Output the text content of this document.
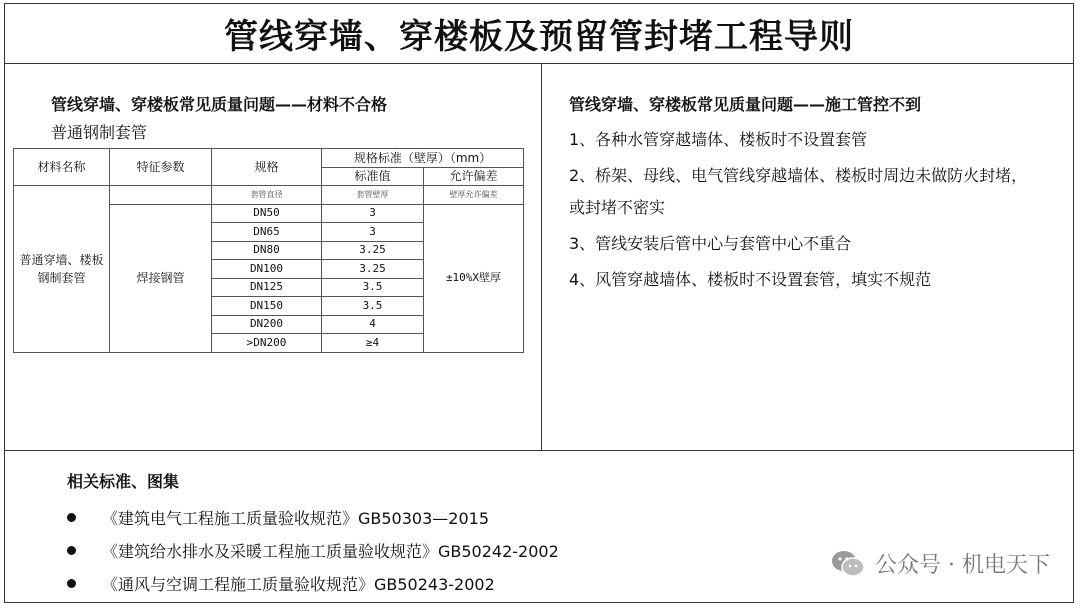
管线穿墙、穿楼板及预留管封堵工程导则
管线穿墙、穿楼板常见质量问题——材料不合格
普通钢制套管
材料名称	特征参数	规格	规格标准（壁厚）（mm）	
			标准值	允许偏差
普通穿墙、楼板钢制套管		套管直径	套管壁厚	壁厚允许偏差
	焊接钢管	DN50	3	±10%X壁厚
		DN65	3	
		DN80	3.25	
		DN100	3.25	
		DN125	3.5	
		DN150	3.5	
		DN200	4	
		>DN200	≥4	
管线穿墙、穿楼板常见质量问题——施工管控不到
1、各种水管穿越墙体、楼板时不设置套管
2、桥架、母线、电气管线穿越墙体、楼板时周边未做防火封堵，或封堵不密实
3、管线安装后管中心与套管中心不重合
4、风管穿越墙体、楼板时不设置套管，填实不规范
相关标准、图集
《建筑电气工程施工质量验收规范》GB50303—2015
《建筑给水排水及采暖工程施工质量验收规范》GB50242-2002
《通风与空调工程施工质量验收规范》GB50243-2002
公众号 · 机电天下
